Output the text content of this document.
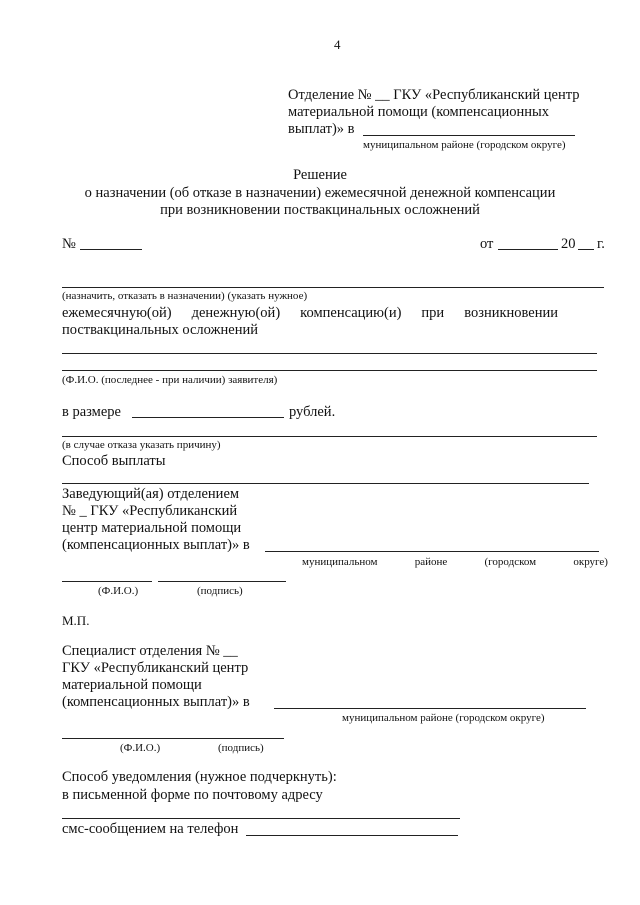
4
Отделение № __ ГКУ «Республиканский центр
материальной помощи (компенсационных
выплат)» в
муниципальном районе (городском округе)
Решение
о назначении (об отказе в назначении) ежемесячной денежной компенсации
при возникновении поствакцинальных осложнений
№	от	20 г.
(назначить, отказать в назначении) (указать нужное)
ежемесячную(ой) денежную(ой) компенсацию(и) при возникновении
поствакцинальных осложнений
(Ф.И.О. (последнее - при наличии) заявителя)
в размере	рублей.
(в случае отказа указать причину)
Способ выплаты
Заведующий(ая) отделением
№ _ ГКУ «Республиканский
центр материальной помощи
(компенсационных выплат)» в
муниципальном	районе	(городском	округе)
(Ф.И.О.)	(подпись)
М.П.
Специалист отделения № __
ГКУ «Республиканский центр
материальной помощи
(компенсационных выплат)» в
муниципальном районе (городском округе)
(Ф.И.О.)	(подпись)
Способ уведомления (нужное подчеркнуть):
в письменной форме по почтовому адресу
смс-сообщением на телефон
